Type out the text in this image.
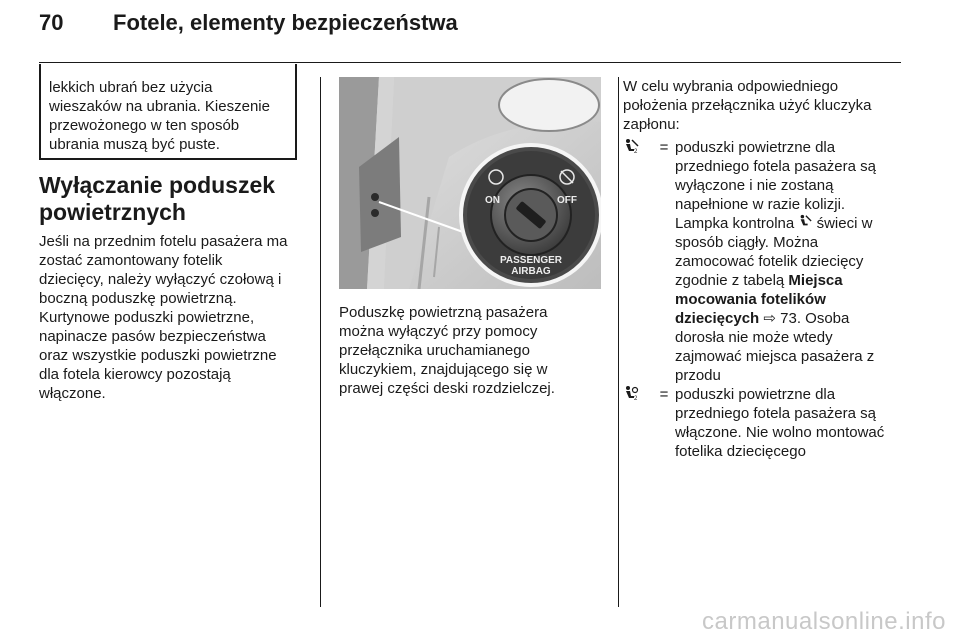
70 Fotele, elementy bezpieczeństwa
lekkich ubrań bez użycia
wieszaków na ubrania. Kieszenie
przewożonego w ten sposób
ubrania muszą być puste.
Wyłączanie poduszek
powietrznych
Jeśli na przednim fotelu pasażera ma
zostać zamontowany fotelik
dziecięcy, należy wyłączyć czołową i
boczną poduszkę powietrzną.
Kurtynowe poduszki powietrzne,
napinacze pasów bezpieczeństwa
oraz wszystkie poduszki powietrzne
dla fotela kierowcy pozostają
włączone.
ON	OFF
PASSENGER
AIRBAG
Poduszkę powietrzną pasażera
można wyłączyć przy pomocy
przełącznika uruchamianego
kluczykiem, znajdującego się w
prawej części deski rozdzielczej.
W celu wybrania odpowiedniego
położenia przełącznika użyć kluczyka
zapłonu:
2	= poduszki powietrzne dla
przedniego fotela pasażera są
wyłączone i nie zostaną
napełnione w razie kolizji.
Lampka kontrolna świeci w
sposób ciągły. Można
zamocować fotelik dziecięcy
zgodnie z tabelą Miejsca
mocowania fotelików
dziecięcych ⇨ 73. Osoba
dorosła nie może wtedy
zajmować miejsca pasażera z
przodu
2	= poduszki powietrzne dla
przedniego fotela pasażera są
włączone. Nie wolno montować
fotelika dziecięcego
carmanualsonline.info
